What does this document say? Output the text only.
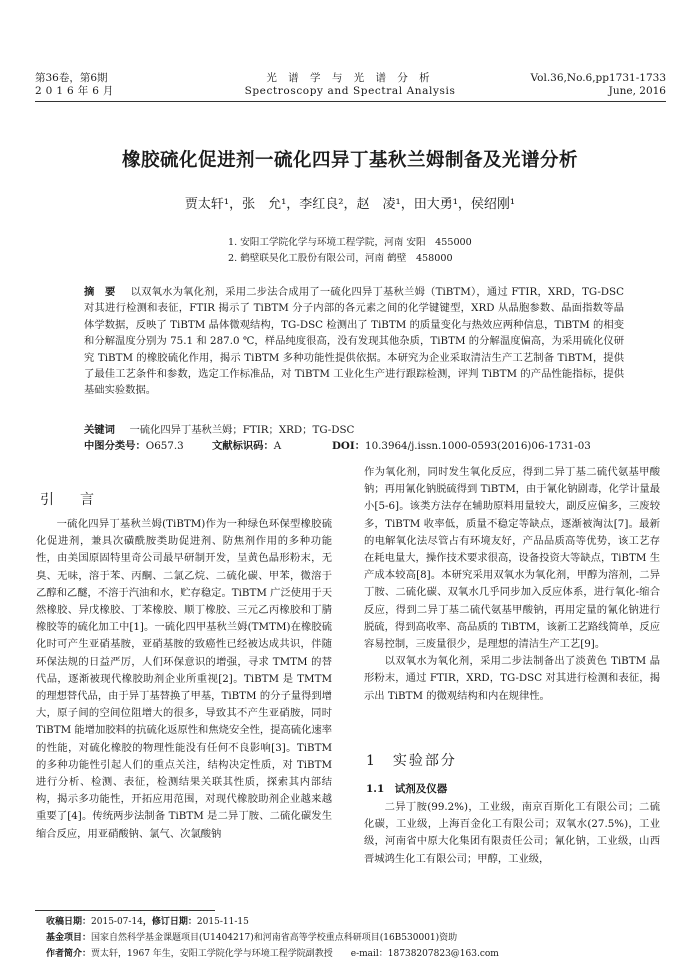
第36卷，第6期
2016年6月
光 谱 学 与 光 谱 分 析
Spectroscopy and Spectral Analysis
Vol.36,No.6,pp1731-1733
June, 2016
橡胶硫化促进剂一硫化四异丁基秋兰姆制备及光谱分析
贾太轩¹，张　允¹，李红良²，赵　凌¹，田大勇¹，侯绍刚¹
1. 安阳工学院化学与环境工程学院，河南 安阳　455000
2. 鹤壁联昊化工股份有限公司，河南 鹤壁　458000
摘　要 以双氧水为氧化剂，采用二步法合成用了一硫化四异丁基秋兰姆（TiBTM），通过 FTIR，XRD，TG-DSC 对其进行检测和表征，FTIR 揭示了 TiBTM 分子内部的各元素之间的化学键键型，XRD 从晶胞参数、晶面指数等晶体学数据，反映了 TiBTM 晶体微观结构，TG-DSC 检测出了 TiBTM 的质量变化与热效应两种信息，TiBTM 的相变和分解温度分别为 75.1 和 287.0 ℃，样品纯度很高，没有发现其他杂质，TiBTM 的分解温度偏高，为采用硫化仪研究 TiBTM 的橡胶硫化作用，揭示 TiBTM 多种功能性提供依据。本研究为企业采取清洁生产工艺制备 TiBTM，提供了最佳工艺条件和参数，选定工作标准品，对 TiBTM 工业化生产进行跟踪检测，评判 TiBTM 的产品性能指标，提供基础实验数据。
关键词 一硫化四异丁基秋兰姆；FTIR；XRD；TG-DSC
中图分类号：O657.3	文献标识码：A	DOI：10.3964/j.issn.1000-0593(2016)06-1731-03
引　言

一硫化四异丁基秋兰姆(TiBTM)作为一种绿色环保型橡胶硫化促进剂，兼具次磺酰胺类助促进剂、防焦剂作用的多种功能性，由美国原固特里奇公司最早研制开发，呈黄色晶形粉末，无臭、无味，溶于苯、丙酮、二氯乙烷、二硫化碳、甲苯，微溶于乙醇和乙醚，不溶于汽油和水，贮存稳定。TiBTM 广泛使用于天然橡胶、异戊橡胶、丁苯橡胶、顺丁橡胶、三元乙丙橡胶和丁腈橡胶等的硫化加工中[1]。一硫化四甲基秋兰姆(TMTM)在橡胶硫化时可产生亚硝基胺，亚硝基胺的致癌性已经被达成共识，伴随环保法规的日益严厉，人们环保意识的增强，寻求 TMTM 的替代品，逐渐被现代橡胶助剂企业所重视[2]。TiBTM 是 TMTM 的理想替代品，由于异丁基替换了甲基，TiBTM 的分子量得到增大，原子间的空间位阻增大的很多，导致其不产生亚硝胺，同时 TiBTM 能增加胶料的抗硫化返原性和焦烧安全性，提高硫化速率的性能，对硫化橡胶的物理性能没有任何不良影响[3]。TiBTM 的多种功能性引起人们的重点关注，结构决定性质，对 TiBTM 进行分析、检测、表征，检测结果关联其性质，探索其内部结构，揭示多功能性，开拓应用范围，对现代橡胶助剂企业越来越重要了[4]。传统两步法制备 TiBTM 是二异丁胺、二硫化碳发生缩合反应，用亚硝酸钠、氯气、次氯酸钠

作为氧化剂，同时发生氧化反应，得到二异丁基二硫代氨基甲酸钠；再用氰化钠脱硫得到 TiBTM，由于氰化钠剧毒，化学计量最小[5-6]。该类方法存在辅助原料用量较大，副反应偏多，三废较多，TiBTM 收率低，质量不稳定等缺点，逐渐被淘汰[7]。最新的电解氧化法尽管占有环境友好，产品品质高等优势，该工艺存在耗电量大，操作技术要求很高，设备投资大等缺点，TiBTM 生产成本较高[8]。本研究采用双氧水为氧化剂，甲醇为溶剂，二异丁胺、二硫化碳、双氧水几乎同步加入反应体系，进行氧化-缩合反应，得到二异丁基二硫代氨基甲酸钠，再用定量的氰化钠进行脱硫，得到高收率、高品质的 TiBTM，该新工艺路线简单，反应容易控制，三废量很少，是理想的清洁生产工艺[9]。

以双氧水为氧化剂，采用二步法制备出了淡黄色 TiBTM 晶形粉末，通过 FTIR，XRD，TG-DSC 对其进行检测和表征，揭示出 TiBTM 的微观结构和内在规律性。

1　实验部分
1.1　试剂及仪器

二异丁胺(99.2%)，工业级，南京百斯化工有限公司；二硫化碳，工业级，上海百金化工有限公司；双氧水(27.5%)，工业级，河南省中原大化集团有限责任公司；氰化钠，工业级，山西晋城鸿生化工有限公司；甲醇，工业级，

收稿日期：2015-07-14，修订日期：2015-11-15
基金项目：国家自然科学基金课题项目(U1404217)和河南省高等学校重点科研项目(16B530001)资助
作者简介：贾太轩，1967 年生，安阳工学院化学与环境工程学院副教授　　e-mail：18738207823@163.com
